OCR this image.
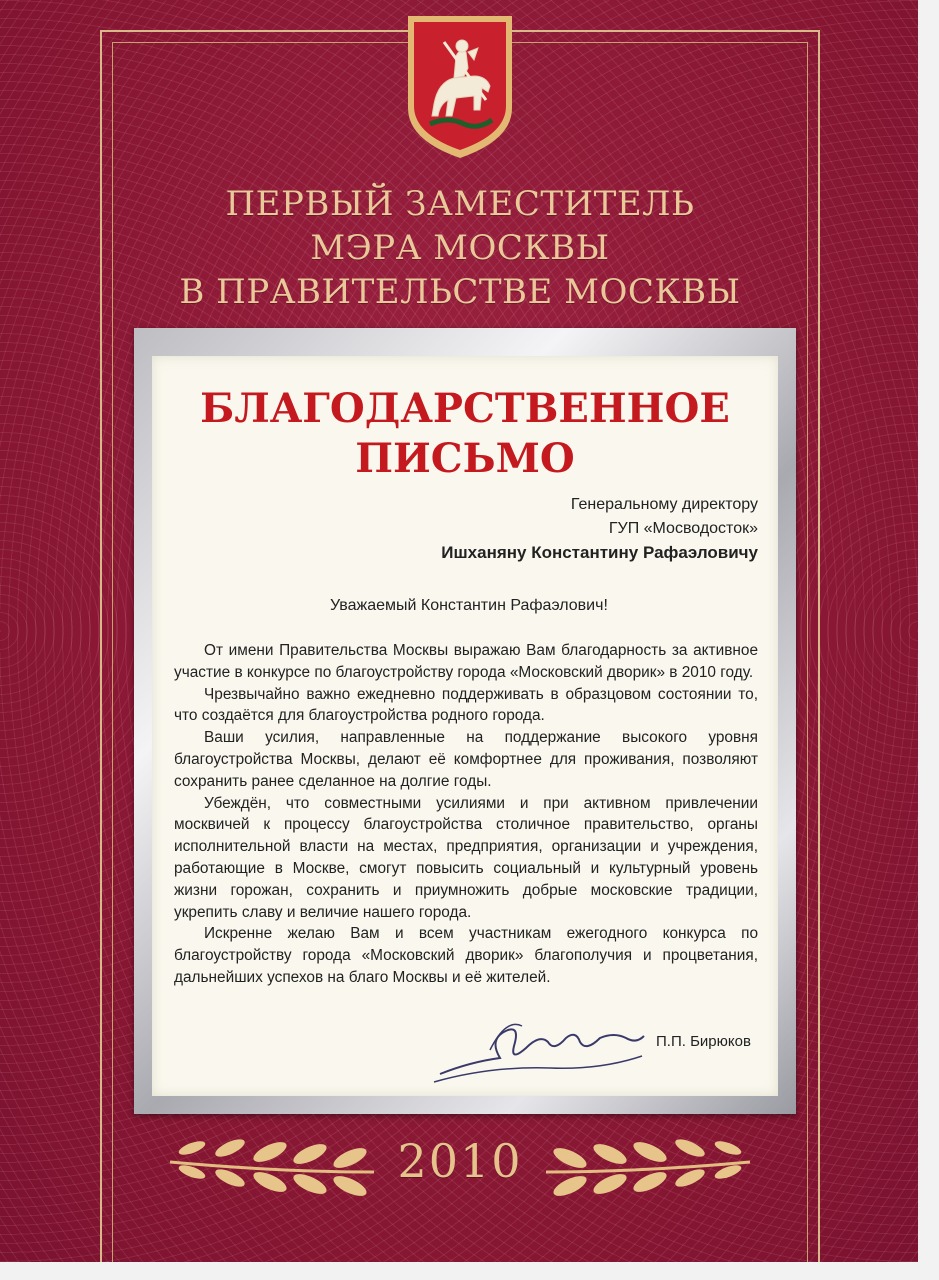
ПЕРВЫЙ ЗАМЕСТИТЕЛЬ
МЭРА МОСКВЫ
В ПРАВИТЕЛЬСТВЕ МОСКВЫ
БЛАГОДАРСТВЕННОЕ
ПИСЬМО
Генеральному директору
ГУП «Мосводосток»
Ишханяну Константину Рафаэловичу
Уважаемый Константин Рафаэлович!

От имени Правительства Москвы выражаю Вам благодарность за активное участие в конкурсе по благоустройству города «Московский дворик» в 2010 году.

Чрезвычайно важно ежедневно поддерживать в образцовом состоянии то, что создаётся для благоустройства родного города.

Ваши усилия, направленные на поддержание высокого уровня благоустройства Москвы, делают её комфортнее для проживания, позволяют сохранить ранее сделанное на долгие годы.

Убеждён, что совместными усилиями и при активном привлечении москвичей к процессу благоустройства столичное правительство, органы исполнительной власти на местах, предприятия, организации и учреждения, работающие в Москве, смогут повысить социальный и культурный уровень жизни горожан, сохранить и приумножить добрые московские традиции, укрепить славу и величие нашего города.

Искренне желаю Вам и всем участникам ежегодного конкурса по благоустройству города «Московский дворик» благополучия и процветания, дальнейших успехов на благо Москвы и её жителей.

П.П. Бирюков
2010
